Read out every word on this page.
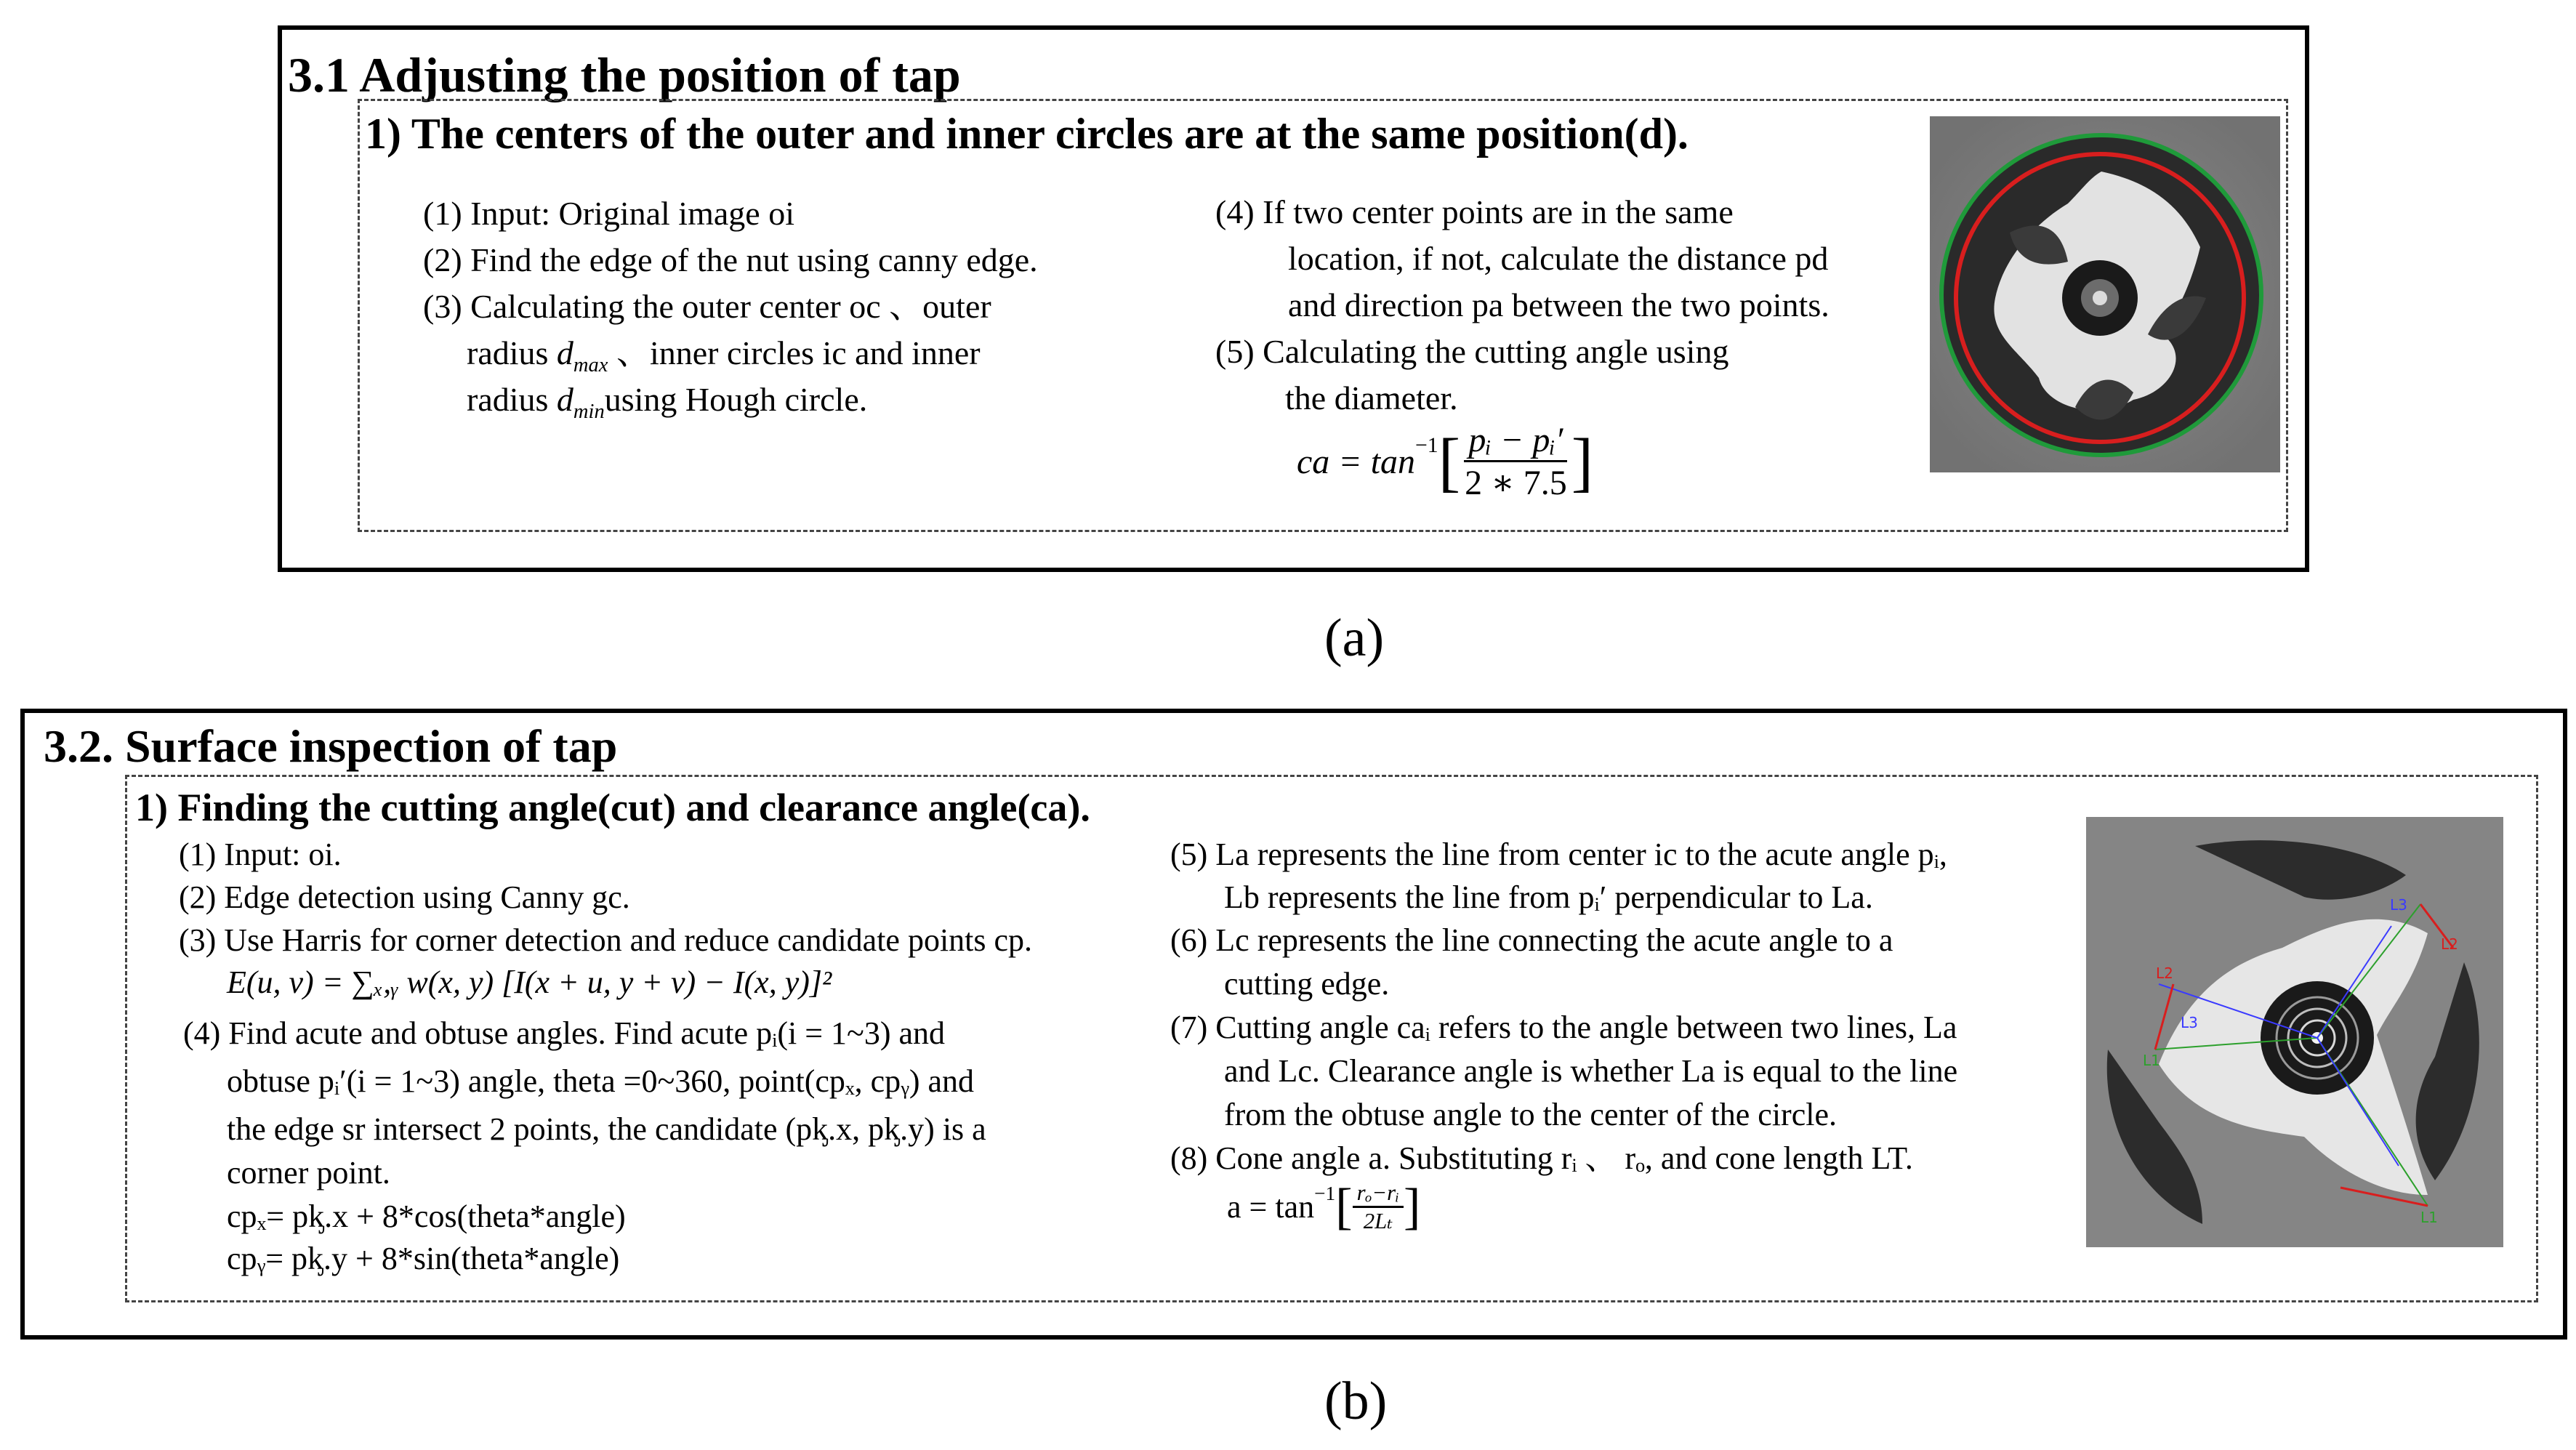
3.1 Adjusting the position of tap
1) The centers of the outer and inner circles are at the same position(d).
(1) Input: Original image oi
(2) Find the edge of the nut using canny edge.
(3) Calculating the outer center oc 、outer
radius $d_{max}$ 、inner circles ic and inner
radius $d_{min}using$ Hough circle.
(4) If two center points are in the same
location, if not, calculate the distance pd
and direction pa between the two points.
(5) Calculating the cutting angle using
the diameter.
ca = $\tan^{-1}$ [ $\frac{\text{pᵢ − pᵢ′}}{2 ∗ 7.5}$ ]
(a)
3.2. Surface inspection of tap
1) Finding the cutting angle(cut) and clearance angle(ca).
(1) Input: oi.
(2) Edge detection using Canny gc.
(3) Use Harris for corner detection and reduce candidate points cp.
E(u, v) = ∑ₓ,ᵧ w(x, y) [I(x + u, y + v) − I(x, y)]²
(4) Find acute and obtuse angles. Find acute pᵢ(i = 1~3) and
obtuse pᵢ′(i = 1~3) angle, theta =0~360, point(cpₓ, cpᵧ) and
the edge sr intersect 2 points, the candidate (pᶄ.x, pᶄ.y) is a
corner point.
cpₓ= pᶄ.x + 8*cos(theta*angle)
cpᵧ= pᶄ.y + 8*sin(theta*angle)
(5) La represents the line from center ic to the acute angle pᵢ,
Lb represents the line from pᵢ′ perpendicular to La.
(6) Lc represents the line connecting the acute angle to a
cutting edge.
(7) Cutting angle caᵢ refers to the angle between two lines, La
and Lc. Clearance angle is whether La is equal to the line
from the obtuse angle to the center of the circle.
(8) Cone angle a. Substituting rᵢ 、 rₒ, and cone length LT.
$a = \tan^{-1}$ [ $\frac{\text{rₒ−rᵢ}}{\text{2Lₜ}}$ ]
L3
L2
L2
L3
L1
L1
(b)
